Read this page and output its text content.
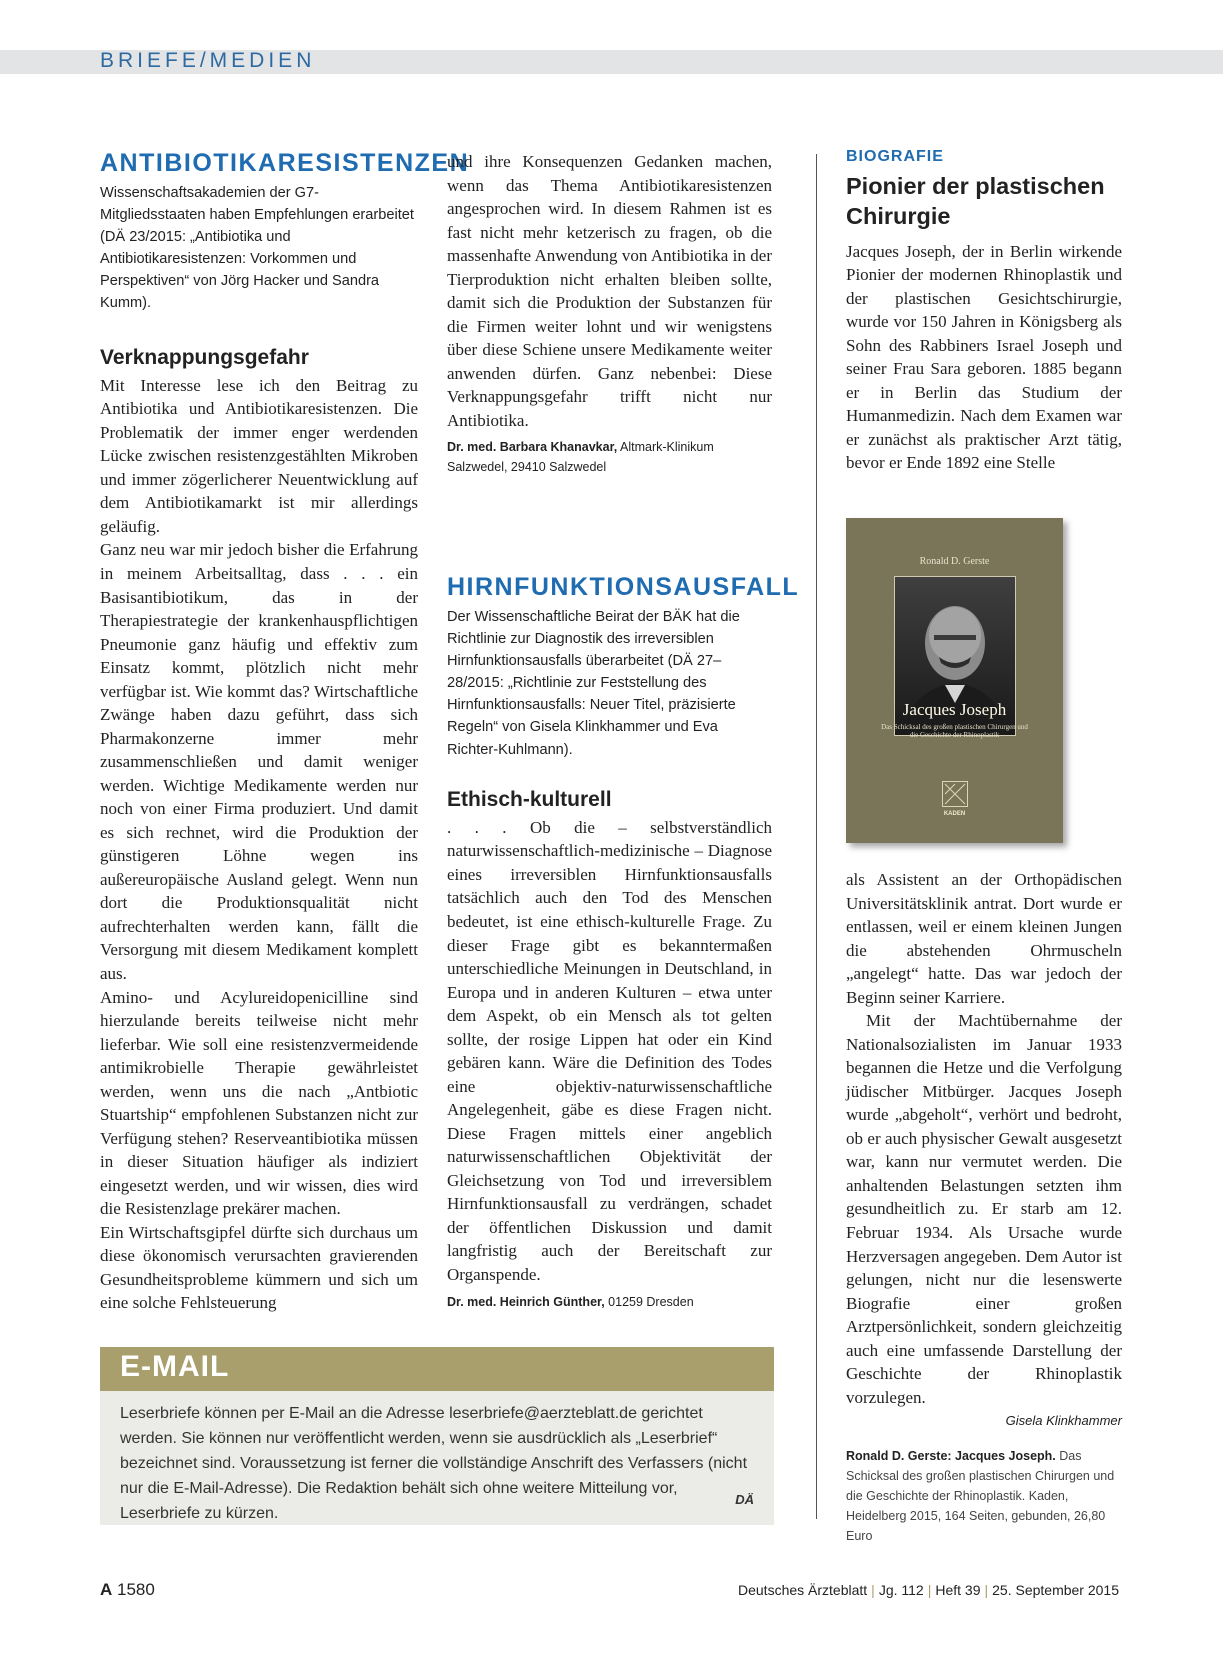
BRIEFE/MEDIEN
ANTIBIOTIKARESISTENZEN

Wissenschaftsakademien der G7-Mitgliedsstaaten haben Empfehlungen erarbeitet (DÄ 23/2015: „Antibiotika und Antibiotikaresistenzen: Vorkommen und Perspektiven“ von Jörg Hacker und Sandra Kumm).

Verknappungsgefahr

Mit Interesse lese ich den Beitrag zu Antibiotika und Antibiotikaresistenzen. Die Problematik der immer enger werdenden Lücke zwischen resistenzgestählten Mikroben und immer zögerlicherer Neuentwicklung auf dem Antibiotikamarkt ist mir allerdings geläufig.

Ganz neu war mir jedoch bisher die Erfahrung in meinem Arbeitsalltag, dass . . . ein Basisantibiotikum, das in der Therapiestrategie der krankenhauspflichtigen Pneumonie ganz häufig und effektiv zum Einsatz kommt, plötzlich nicht mehr verfügbar ist. Wie kommt das? Wirtschaftliche Zwänge haben dazu geführt, dass sich Pharmakonzerne immer mehr zusammenschließen und damit weniger werden. Wichtige Medikamente werden nur noch von einer Firma produziert. Und damit es sich rechnet, wird die Produktion der günstigeren Löhne wegen ins außereuropäische Ausland gelegt. Wenn nun dort die Produktionsqualität nicht aufrechterhalten werden kann, fällt die Versorgung mit diesem Medikament komplett aus.

Amino- und Acylureidopenicilline sind hierzulande bereits teilweise nicht mehr lieferbar. Wie soll eine resistenzvermeidende antimikrobielle Therapie gewährleistet werden, wenn uns die nach „Antbiotic Stuartship“ empfohlenen Substanzen nicht zur Verfügung stehen? Reserveantibiotika müssen in dieser Situation häufiger als indiziert eingesetzt werden, und wir wissen, dies wird die Resistenzlage prekärer machen.

Ein Wirtschaftsgipfel dürfte sich durchaus um diese ökonomisch verursachten gravierenden Gesundheitsprobleme kümmern und sich um eine solche Fehlsteuerung

und ihre Konsequenzen Gedanken machen, wenn das Thema Antibiotikaresistenzen angesprochen wird. In diesem Rahmen ist es fast nicht mehr ketzerisch zu fragen, ob die massenhafte Anwendung von Antibiotika in der Tierproduktion nicht erhalten bleiben sollte, damit sich die Produktion der Substanzen für die Firmen weiter lohnt und wir wenigstens über diese Schiene unsere Medikamente weiter anwenden dürfen. Ganz nebenbei: Diese Verknappungsgefahr trifft nicht nur Antibiotika.

Dr. med. Barbara Khanavkar, Altmark-Klinikum Salzwedel, 29410 Salzwedel

HIRNFUNKTIONSAUSFALL

Der Wissenschaftliche Beirat der BÄK hat die Richtlinie zur Diagnostik des irreversiblen Hirnfunktionsausfalls überarbeitet (DÄ 27–28/2015: „Richtlinie zur Feststellung des Hirnfunktionsausfalls: Neuer Titel, präzisierte Regeln“ von Gisela Klinkhammer und Eva Richter-Kuhlmann).

Ethisch-kulturell

. . . Ob die – selbstverständlich naturwissenschaftlich-medizinische – Diagnose eines irreversiblen Hirnfunktionsausfalls tatsächlich auch den Tod des Menschen bedeutet, ist eine ethisch-kulturelle Frage. Zu dieser Frage gibt es bekanntermaßen unterschiedliche Meinungen in Deutschland, in Europa und in anderen Kulturen – etwa unter dem Aspekt, ob ein Mensch als tot gelten sollte, der rosige Lippen hat oder ein Kind gebären kann. Wäre die Definition des Todes eine objektiv-naturwissenschaftliche Angelegenheit, gäbe es diese Fragen nicht. Diese Fragen mittels einer angeblich naturwissenschaftlichen Objektivität der Gleichsetzung von Tod und irreversiblem Hirnfunktionsausfall zu verdrängen, schadet der öffentlichen Diskussion und damit langfristig auch der Bereitschaft zur Organspende.

Dr. med. Heinrich Günther, 01259 Dresden

BIOGRAFIE
Pionier der plastischen Chirurgie

Jacques Joseph, der in Berlin wirkende Pionier der modernen Rhinoplastik und der plastischen Gesichtschirurgie, wurde vor 150 Jahren in Königsberg als Sohn des Rabbiners Israel Joseph und seiner Frau Sara geboren. 1885 begann er in Berlin das Studium der Humanmedizin. Nach dem Examen war er zunächst als praktischer Arzt tätig, bevor er Ende 1892 eine Stelle

Ronald D. Gerste
Jacques Joseph
Das Schicksal des großen plastischen Chirurgen und die Geschichte der Rhinoplastik
KADEN

als Assistent an der Orthopädischen Universitätsklinik antrat. Dort wurde er entlassen, weil er einem kleinen Jungen die abstehenden Ohrmuscheln „angelegt“ hatte. Das war jedoch der Beginn seiner Karriere.

Mit der Machtübernahme der Nationalsozialisten im Januar 1933 begannen die Hetze und die Verfolgung jüdischer Mitbürger. Jacques Joseph wurde „abgeholt“, verhört und bedroht, ob er auch physischer Gewalt ausgesetzt war, kann nur vermutet werden. Die anhaltenden Belastungen setzten ihm gesundheitlich zu. Er starb am 12. Februar 1934. Als Ursache wurde Herzversagen angegeben. Dem Autor ist gelungen, nicht nur die lesenswerte Biografie einer großen Arztpersönlichkeit, sondern gleichzeitig auch eine umfassende Darstellung der Geschichte der Rhinoplastik vorzulegen.

Gisela Klinkhammer

Ronald D. Gerste: Jacques Joseph. Das Schicksal des großen plastischen Chirurgen und die Geschichte der Rhinoplastik. Kaden, Heidelberg 2015, 164 Seiten, gebunden, 26,80 Euro

E-MAIL

Leserbriefe können per E-Mail an die Adresse leserbriefe@aerzteblatt.de gerichtet werden. Sie können nur veröffentlicht werden, wenn sie ausdrücklich als „Leserbrief“ bezeichnet sind. Voraussetzung ist ferner die vollständige Anschrift des Verfassers (nicht nur die E-Mail-Adresse). Die Redaktion behält sich ohne weitere Mitteilung vor, Leserbriefe zu kürzen.

DÄ
A 1580	Deutsches Ärzteblatt | Jg. 112 | Heft 39 | 25. September 2015
